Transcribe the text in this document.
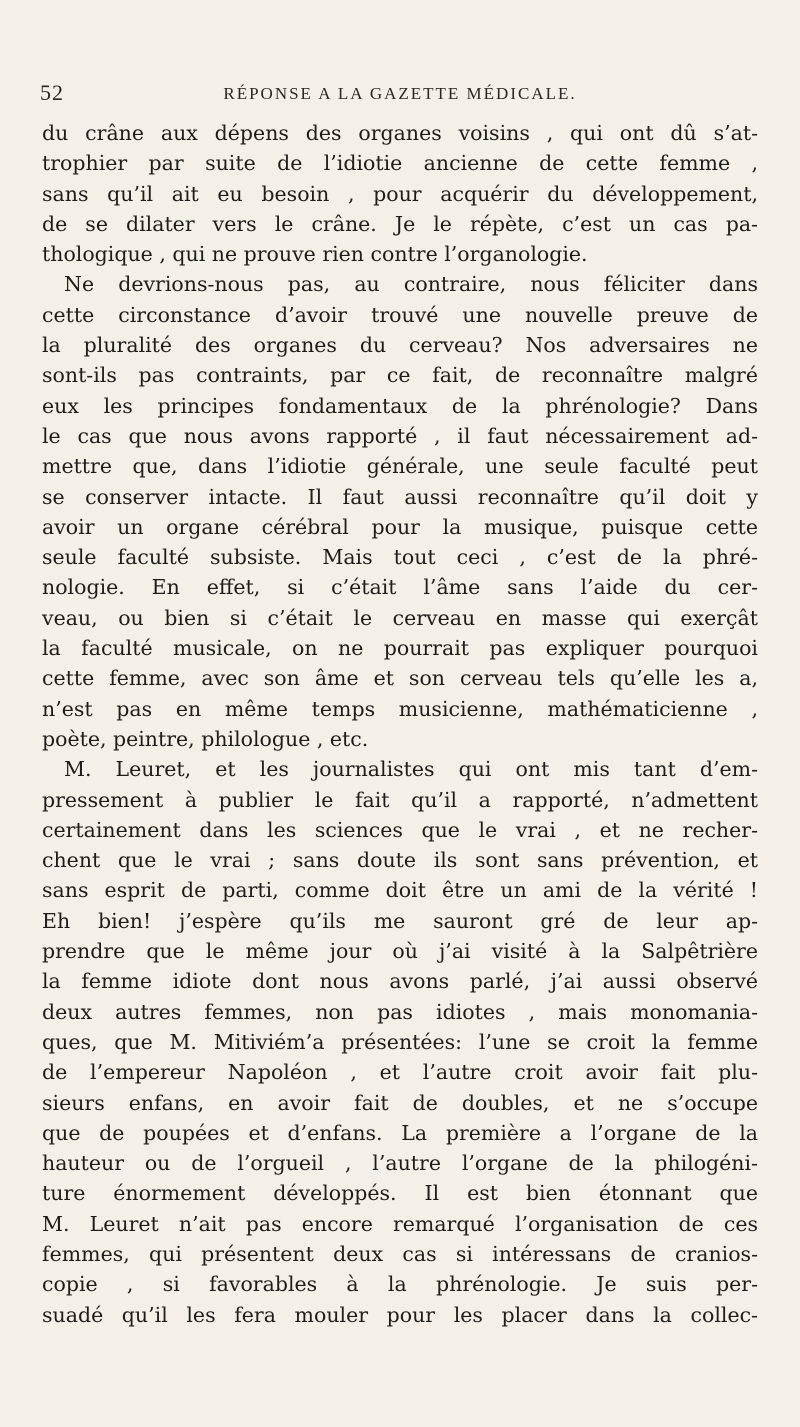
52	RÉPONSE A LA GAZETTE MÉDICALE.
du crâne aux dépens des organes voisins , qui ont dû s’at-
trophier par suite de l’idiotie ancienne de cette femme ,
sans qu’il ait eu besoin , pour acquérir du développement,
de se dilater vers le crâne. Je le répète, c’est un cas pa-
thologique , qui ne prouve rien contre l’organologie.
Ne devrions-nous pas, au contraire, nous féliciter dans
cette circonstance d’avoir trouvé une nouvelle preuve de
la pluralité des organes du cerveau? Nos adversaires ne
sont-ils pas contraints, par ce fait, de reconnaître malgré
eux les principes fondamentaux de la phrénologie? Dans
le cas que nous avons rapporté , il faut nécessairement ad-
mettre que, dans l’idiotie générale, une seule faculté peut
se conserver intacte. Il faut aussi reconnaître qu’il doit y
avoir un organe cérébral pour la musique, puisque cette
seule faculté subsiste. Mais tout ceci , c’est de la phré-
nologie. En effet, si c’était l’âme sans l’aide du cer-
veau, ou bien si c’était le cerveau en masse qui exerçât
la faculté musicale, on ne pourrait pas expliquer pourquoi
cette femme, avec son âme et son cerveau tels qu’elle les a,
n’est pas en même temps musicienne, mathématicienne ,
poète, peintre, philologue , etc.
M. Leuret, et les journalistes qui ont mis tant d’em-
pressement à publier le fait qu’il a rapporté, n’admettent
certainement dans les sciences que le vrai , et ne recher-
chent que le vrai ; sans doute ils sont sans prévention, et
sans esprit de parti, comme doit être un ami de la vérité !
Eh bien! j’espère qu’ils me sauront gré de leur ap-
prendre que le même jour où j’ai visité à la Salpêtrière
la femme idiote dont nous avons parlé, j’ai aussi observé
deux autres femmes, non pas idiotes , mais monomania-
ques, que M. Mitiviém’a présentées: l’une se croit la femme
de l’empereur Napoléon , et l’autre croit avoir fait plu-
sieurs enfans, en avoir fait de doubles, et ne s’occupe
que de poupées et d’enfans. La première a l’organe de la
hauteur ou de l’orgueil , l’autre l’organe de la philogéni-
ture énormement développés. Il est bien étonnant que
M. Leuret n’ait pas encore remarqué l’organisation de ces
femmes, qui présentent deux cas si intéressans de cranios-
copie , si favorables à la phrénologie. Je suis per-
suadé qu’il les fera mouler pour les placer dans la collec-
